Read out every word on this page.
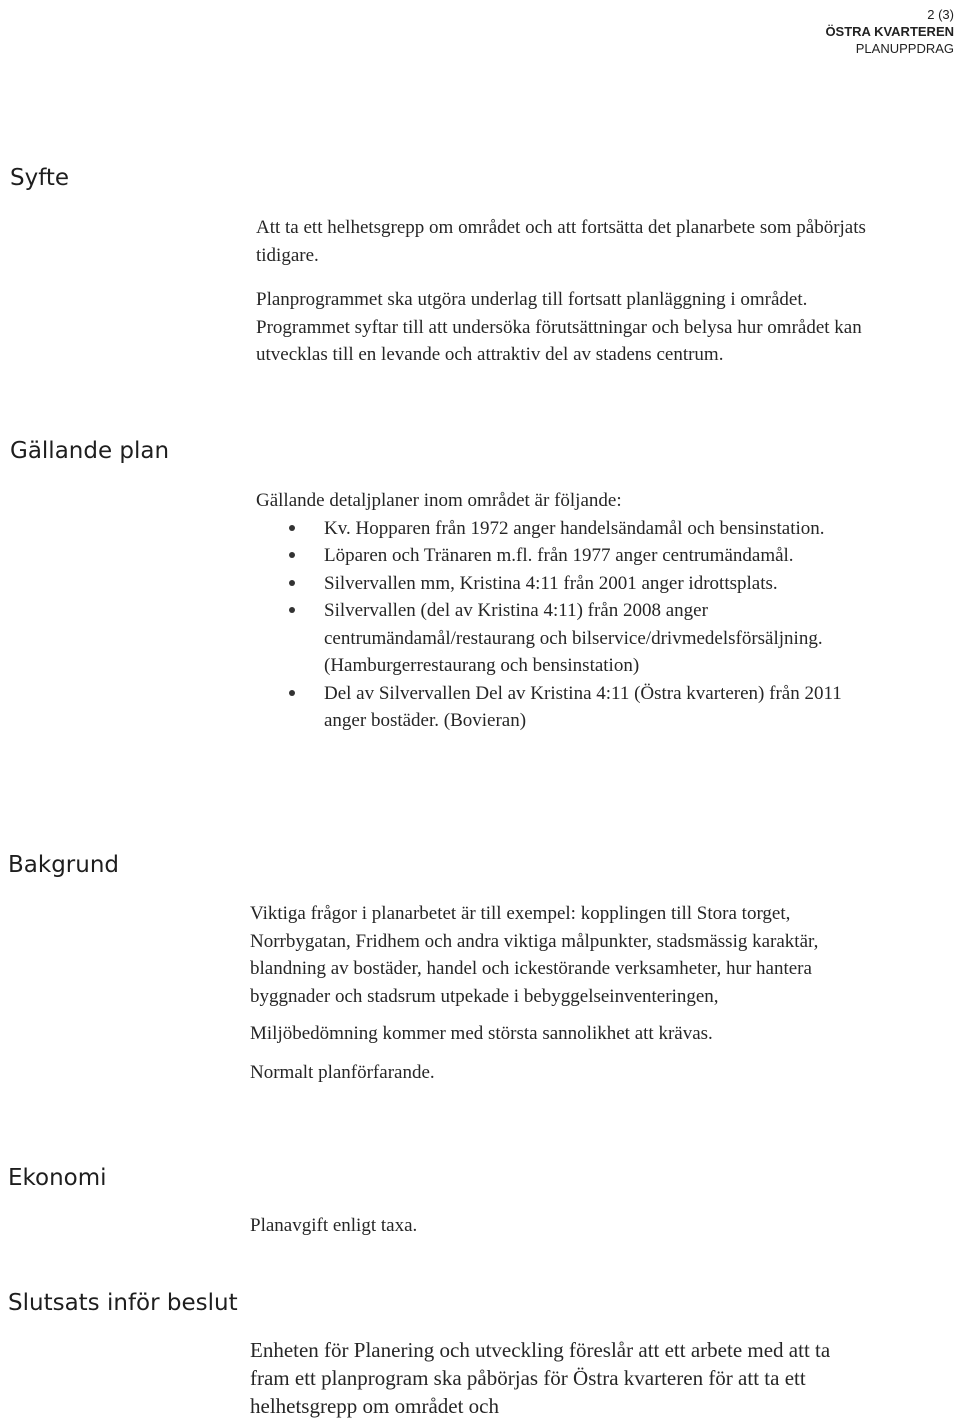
2 (3)
ÖSTRA KVARTEREN
PLANUPPDRAG
Syfte

Att ta ett helhetsgrepp om området och att fortsätta det planarbete som påbörjats tidigare.

Planprogrammet ska utgöra underlag till fortsatt planläggning i området. Programmet syftar till att undersöka förutsättningar och belysa hur området kan utvecklas till en levande och attraktiv del av stadens centrum.

Gällande plan

Gällande detaljplaner inom området är följande:

Kv. Hopparen från 1972 anger handelsändamål och bensinstation.
Löparen och Tränaren m.fl. från 1977 anger centrumändamål.
Silvervallen mm, Kristina 4:11 från 2001 anger idrottsplats.
Silvervallen (del av Kristina 4:11) från 2008 anger centrumändamål/restaurang och bilservice/drivmedelsförsäljning. (Hamburgerrestaurang och bensinstation)
Del av Silvervallen Del av Kristina 4:11 (Östra kvarteren) från 2011 anger bostäder. (Bovieran)
Bakgrund

Viktiga frågor i planarbetet är till exempel: kopplingen till Stora torget, Norrbygatan, Fridhem och andra viktiga målpunkter, stadsmässig karaktär, blandning av bostäder, handel och ickestörande verksamheter, hur hantera byggnader och stadsrum utpekade i bebyggelseinventeringen,

Miljöbedömning kommer med största sannolikhet att krävas.

Normalt planförfarande.

Ekonomi

Planavgift enligt taxa.

Slutsats inför beslut

Enheten för Planering och utveckling föreslår att ett arbete med att ta fram ett planprogram ska påbörjas för Östra kvarteren för att ta ett helhetsgrepp om området och
